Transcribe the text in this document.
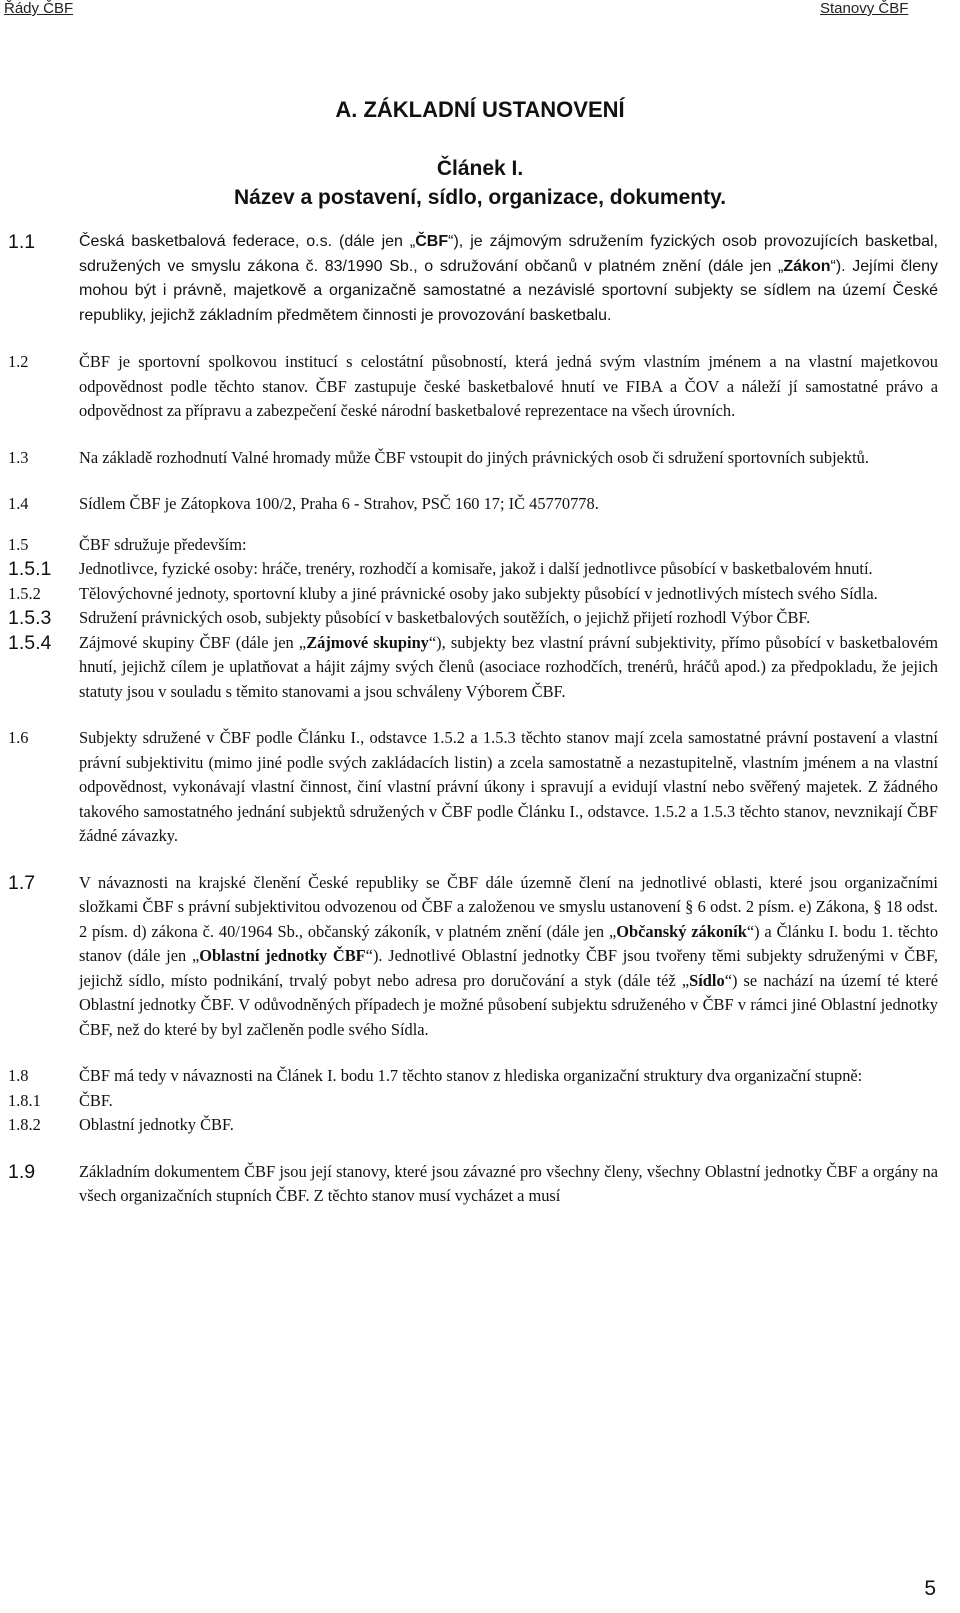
Řády ČBF	Stanovy ČBF
A. ZÁKLADNÍ USTANOVENÍ
Článek I.
Název a postavení, sídlo, organizace, dokumenty.
1.1	Česká basketbalová federace, o.s. (dále jen „ČBF“), je zájmovým sdružením fyzických osob provozujících basketbal, sdružených ve smyslu zákona č. 83/1990 Sb., o sdružování občanů v platném znění (dále jen „Zákon“). Jejími členy mohou být i právně, majetkově a organizačně samostatné a nezávislé sportovní subjekty se sídlem na území České republiky, jejichž základním předmětem činnosti je provozování basketbalu.
1.2	ČBF je sportovní spolkovou institucí s celostátní působností, která jedná svým vlastním jménem a na vlastní majetkovou odpovědnost podle těchto stanov. ČBF zastupuje české basketbalové hnutí ve FIBA a ČOV a náleží jí samostatné právo a odpovědnost za přípravu a zabezpečení české národní basketbalové reprezentace na všech úrovních.
1.3	Na základě rozhodnutí Valné hromady může ČBF vstoupit do jiných právnických osob či sdružení sportovních subjektů.
1.4	Sídlem ČBF je Zátopkova 100/2, Praha 6 - Strahov, PSČ 160 17; IČ 45770778.
1.5	ČBF sdružuje především:
1.5.1 Jednotlivce, fyzické osoby: hráče, trenéry, rozhodčí a komisaře, jakož i další jednotlivce působící v basketbalovém hnutí.
1.5.2 Tělovýchovné jednoty, sportovní kluby a jiné právnické osoby jako subjekty působící v jednotlivých místech svého Sídla.
1.5.3 Sdružení právnických osob, subjekty působící v basketbalových soutěžích, o jejichž přijetí rozhodl Výbor ČBF.
1.5.4 Zájmové skupiny ČBF (dále jen „Zájmové skupiny“), subjekty bez vlastní právní subjektivity, přímo působící v basketbalovém hnutí, jejichž cílem je uplatňovat a hájit zájmy svých členů (asociace rozhodčích, trenérů, hráčů apod.) za předpokladu, že jejich statuty jsou v souladu s těmito stanovami a jsou schváleny Výborem ČBF.
1.6	Subjekty sdružené v ČBF podle Článku I., odstavce 1.5.2 a 1.5.3 těchto stanov mají zcela samostatné právní postavení a vlastní právní subjektivitu (mimo jiné podle svých zakládacích listin) a zcela samostatně a nezastupitelně, vlastním jménem a na vlastní odpovědnost, vykonávají vlastní činnost, činí vlastní právní úkony i spravují a evidují vlastní nebo svěřený majetek. Z žádného takového samostatného jednání subjektů sdružených v ČBF podle Článku I., odstavce. 1.5.2 a 1.5.3 těchto stanov, nevznikají ČBF žádné závazky.
1.7	V návaznosti na krajské členění České republiky se ČBF dále územně člení na jednotlivé oblasti, které jsou organizačními složkami ČBF s právní subjektivitou odvozenou od ČBF a založenou ve smyslu ustanovení § 6 odst. 2 písm. e) Zákona, § 18 odst. 2 písm. d) zákona č. 40/1964 Sb., občanský zákoník, v platném znění (dále jen „Občanský zákoník“) a Článku I. bodu 1. těchto stanov (dále jen „Oblastní jednotky ČBF“). Jednotlivé Oblastní jednotky ČBF jsou tvořeny těmi subjekty sdruženými v ČBF, jejichž sídlo, místo podnikání, trvalý pobyt nebo adresa pro doručování a styk (dále též „Sídlo“) se nachází na území té které Oblastní jednotky ČBF. V odůvodněných případech je možné působení subjektu sdruženého v ČBF v rámci jiné Oblastní jednotky ČBF, než do které by byl začleněn podle svého Sídla.
1.8	ČBF má tedy v návaznosti na Článek I. bodu 1.7 těchto stanov z hlediska organizační struktury dva organizační stupně:
1.8.1 ČBF.
1.8.2 Oblastní jednotky ČBF.
1.9	Základním dokumentem ČBF jsou její stanovy, které jsou závazné pro všechny členy, všechny Oblastní jednotky ČBF a orgány na všech organizačních stupních ČBF. Z těchto stanov musí vycházet a musí
5
